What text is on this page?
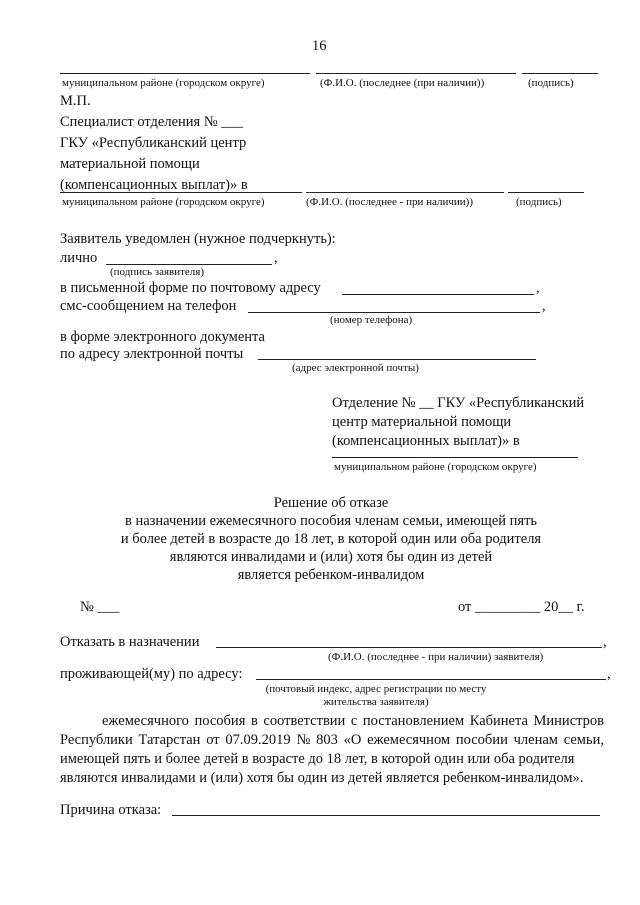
16
муниципальном районе (городском округе)	(Ф.И.О. (последнее (при наличии))	(подпись)
М.П.
Специалист отделения № ___
ГКУ «Республиканский центр
материальной помощи
(компенсационных выплат)» в
муниципальном районе (городском округе)	(Ф.И.О. (последнее - при наличии))	(подпись)
Заявитель уведомлен (нужное подчеркнуть):
лично	,
(подпись заявителя)
в письменной форме по почтовому адресу	,
смс-сообщением на телефон	,
(номер телефона)
в форме электронного документа
по адресу электронной почты
(адрес электронной почты)
Отделение № __ ГКУ «Республиканский
центр материальной помощи
(компенсационных выплат)» в
муниципальном районе (городском округе)
Решение об отказе
в назначении ежемесячного пособия членам семьи, имеющей пять
и более детей в возрасте до 18 лет, в которой один или оба родителя
являются инвалидами и (или) хотя бы один из детей
является ребенком-инвалидом
№ ___	от _________ 20__ г.
Отказать в назначении	,
(Ф.И.О. (последнее - при наличии) заявителя)
проживающей(му) по адресу:	,
(почтовый индекс, адрес регистрации по месту
жительства заявителя)
ежемесячного пособия в соответствии с постановлением Кабинета Министров
Республики Татарстан от 07.09.2019 № 803 «О ежемесячном пособии членам семьи,
имеющей пять и более детей в возрасте до 18 лет, в которой один или оба родителя
являются инвалидами и (или) хотя бы один из детей является ребенком-инвалидом».
Причина отказа:
